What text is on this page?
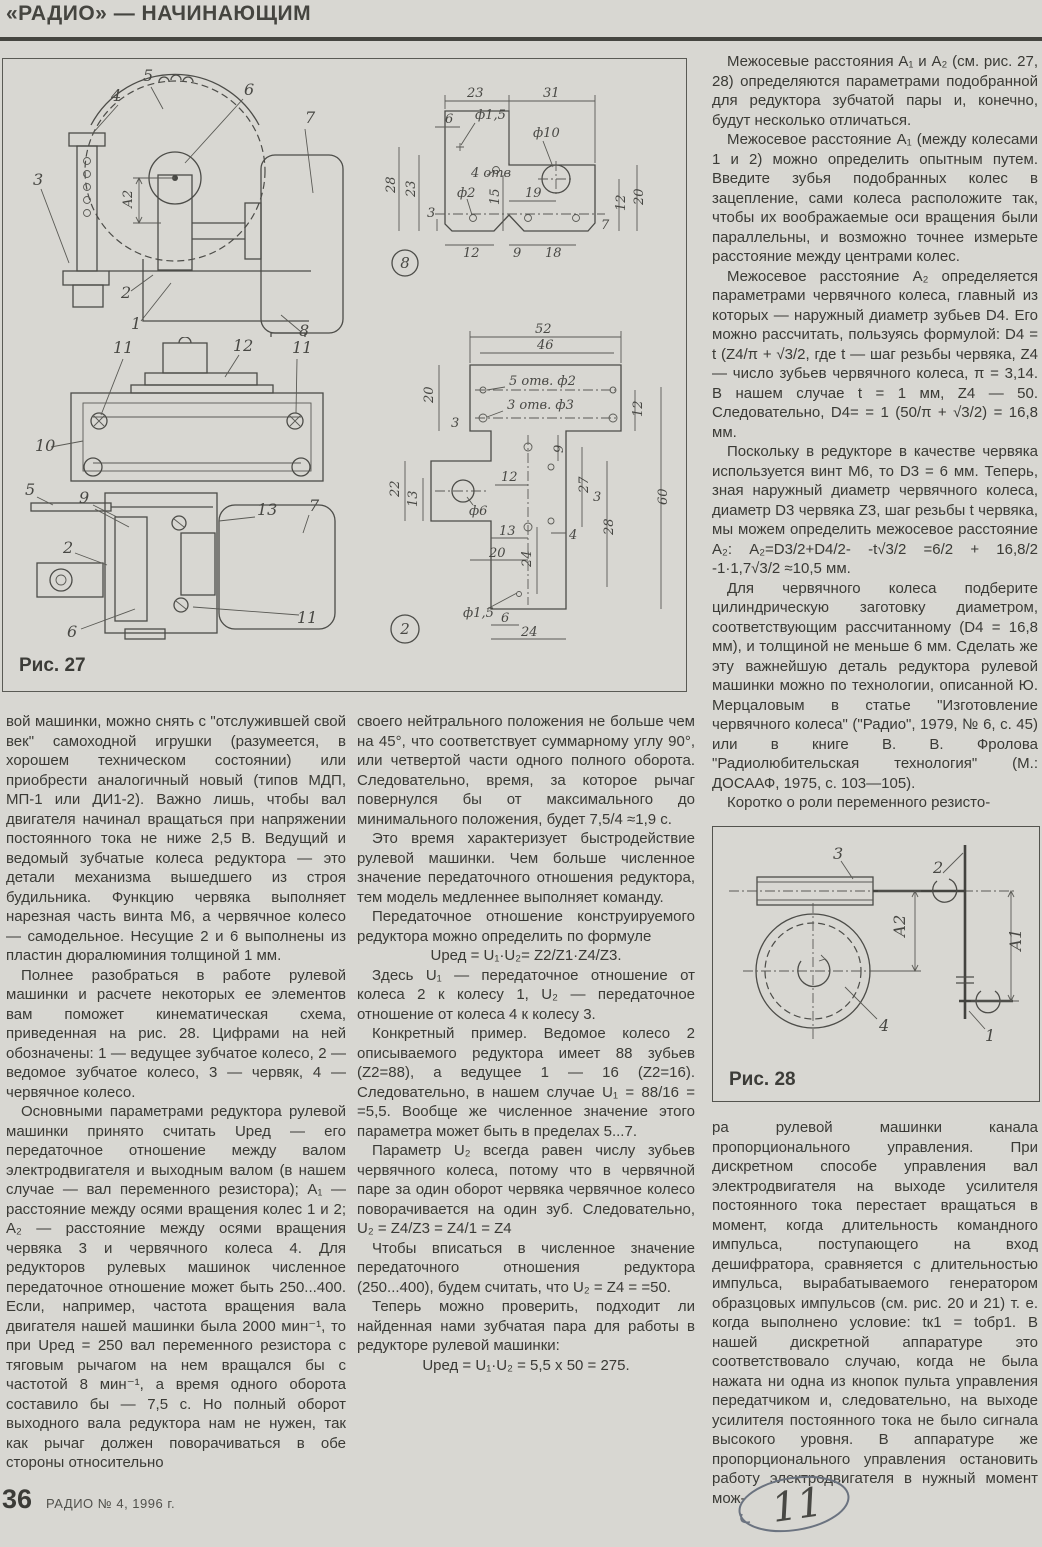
«РАДИО» — НАЧИНАЮЩИМ
Рис. 27

Межосевые расстояния А₁ и А₂ (см. рис. 27, 28) определяются параметрами подобранной для редуктора зубчатой пары и, конечно, будут несколько отличаться.

Межосевое расстояние А₁ (между колесами 1 и 2) можно определить опытным путем. Введите зубья подобранных колес в зацепление, сами колеса расположите так, чтобы их воображаемые оси вращения были параллельны, и возможно точнее измерьте расстояние между центрами колес.

Межосевое расстояние А₂ определяется параметрами червячного колеса, главный из которых — наружный диаметр зубьев D4. Его можно рассчитать, пользуясь формулой: D4 = t (Z4/π + √3/2, где t — шаг резьбы червяка, Z4 — число зубьев червячного колеса, π = 3,14. В нашем случае t = 1 мм, Z4 — 50. Следовательно, D4= = 1 (50/π + √3/2) = 16,8 мм.

Поскольку в редукторе в качестве червяка используется винт М6, то D3 = 6 мм. Теперь, зная наружный диаметр червячного колеса, диаметр D3 червяка Z3, шаг резьбы t червяка, мы можем определить межосевое расстояние А₂: А₂=D3/2+D4/2- -t√3/2 =6/2 + 16,8/2 -1·1,7√3/2 ≈10,5 мм.

Для червячного колеса подберите цилиндрическую заготовку диаметром, соответствующим рассчитанному (D4 = 16,8 мм), и толщиной не меньше 6 мм. Сделать же эту важнейшую деталь редуктора рулевой машинки можно по технологии, описанной Ю. Мерцаловым в статье "Изготовление червячного колеса" ("Радио", 1979, № 6, с. 45) или в книге В. В. Фролова "Радиолюбительская технология" (М.: ДОСААФ, 1975, с. 103—105).

Коротко о роли переменного резисто-

вой машинки, можно снять с "отслужившей свой век" самоходной игрушки (разумеется, в хорошем техническом состоянии) или приобрести аналогичный новый (типов МДП, МП-1 или ДИ1-2). Важно лишь, чтобы вал двигателя начинал вращаться при напряжении постоянного тока не ниже 2,5 В. Ведущий и ведомый зубчатые колеса редуктора — это детали механизма вышедшего из строя будильника. Функцию червяка выполняет нарезная часть винта М6, а червячное колесо — самодельное. Несущие 2 и 6 выполнены из пластин дюралюминия толщиной 1 мм.

Полнее разобраться в работе рулевой машинки и расчете некоторых ее элементов вам поможет кинематическая схема, приведенная на рис. 28. Цифрами на ней обозначены: 1 — ведущее зубчатое колесо, 2 — ведомое зубчатое колесо, 3 — червяк, 4 — червячное колесо.

Основными параметрами редуктора рулевой машинки принято считать Uред — его передаточное отношение между валом электродвигателя и выходным валом (в нашем случае — вал переменного резистора); А₁ — расстояние между осями вращения колес 1 и 2; А₂ — расстояние между осями вращения червяка 3 и червячного колеса 4. Для редукторов рулевых машинок численное передаточное отношение может быть 250...400. Если, например, частота вращения вала двигателя нашей машинки была 2000 мин⁻¹, то при Uред = 250 вал переменного резистора с тяговым рычагом на нем вращался бы с частотой 8 мин⁻¹, а время одного оборота составило бы — 7,5 с. Но полный оборот выходного вала редуктора нам не нужен, так как рычаг должен поворачиваться в обе стороны относительно

своего нейтрального положения не больше чем на 45°, что соответствует суммарному углу 90°, или четвертой части одного полного оборота. Следовательно, время, за которое рычаг повернулся бы от максимального до минимального положения, будет 7,5/4 ≈1,9 с.

Это время характеризует быстродействие рулевой машинки. Чем больше численное значение передаточного отношения редуктора, тем модель медленнее выполняет команду.

Передаточное отношение конструируемого редуктора можно определить по формуле

Uред = U₁·U₂= Z2/Z1·Z4/Z3.

Здесь U₁ — передаточное отношение от колеса 2 к колесу 1, U₂ — передаточное отношение от колеса 4 к колесу 3.

Конкретный пример. Ведомое колесо 2 описываемого редуктора имеет 88 зубьев (Z2=88), а ведущее 1 — 16 (Z2=16). Следовательно, в нашем случае U₁ = 88/16 = =5,5. Вообще же численное значение этого параметра может быть в пределах 5...7.

Параметр U₂ всегда равен числу зубьев червячного колеса, потому что в червячной паре за один оборот червяка червячное колесо поворачивается на один зуб. Следовательно, U₂ = Z4/Z3 = Z4/1 = Z4

Чтобы вписаться в численное значение передаточного отношения редуктора (250...400), будем считать, что U₂ = Z4 = =50.

Теперь можно проверить, подходит ли найденная нами зубчатая пара для работы в редукторе рулевой машинки:

Uред = U₁·U₂ = 5,5 x 50 = 275.

Рис. 28

ра рулевой машинки канала пропорционального управления. При дискретном способе управления вал электродвигателя на выходе усилителя постоянного тока перестает вращаться в момент, когда длительность командного импульса, поступающего на вход дешифратора, сравняется с длительностью импульса, вырабатываемого генератором образцовых импульсов (см. рис. 20 и 21) т. е. когда выполнено условие: tк1 = tобр1. В нашей дискретной аппаратуре это соответствовало случаю, когда не была нажата ни одна из кнопок пульта управления передатчиком и, следовательно, на выходе усилителя постоянного тока не было сигнала высокого уровня. В аппаратуре же пропорционального управления остановить работу электродвигателя в нужный момент мож-

36 РАДИО № 4, 1996 г.
